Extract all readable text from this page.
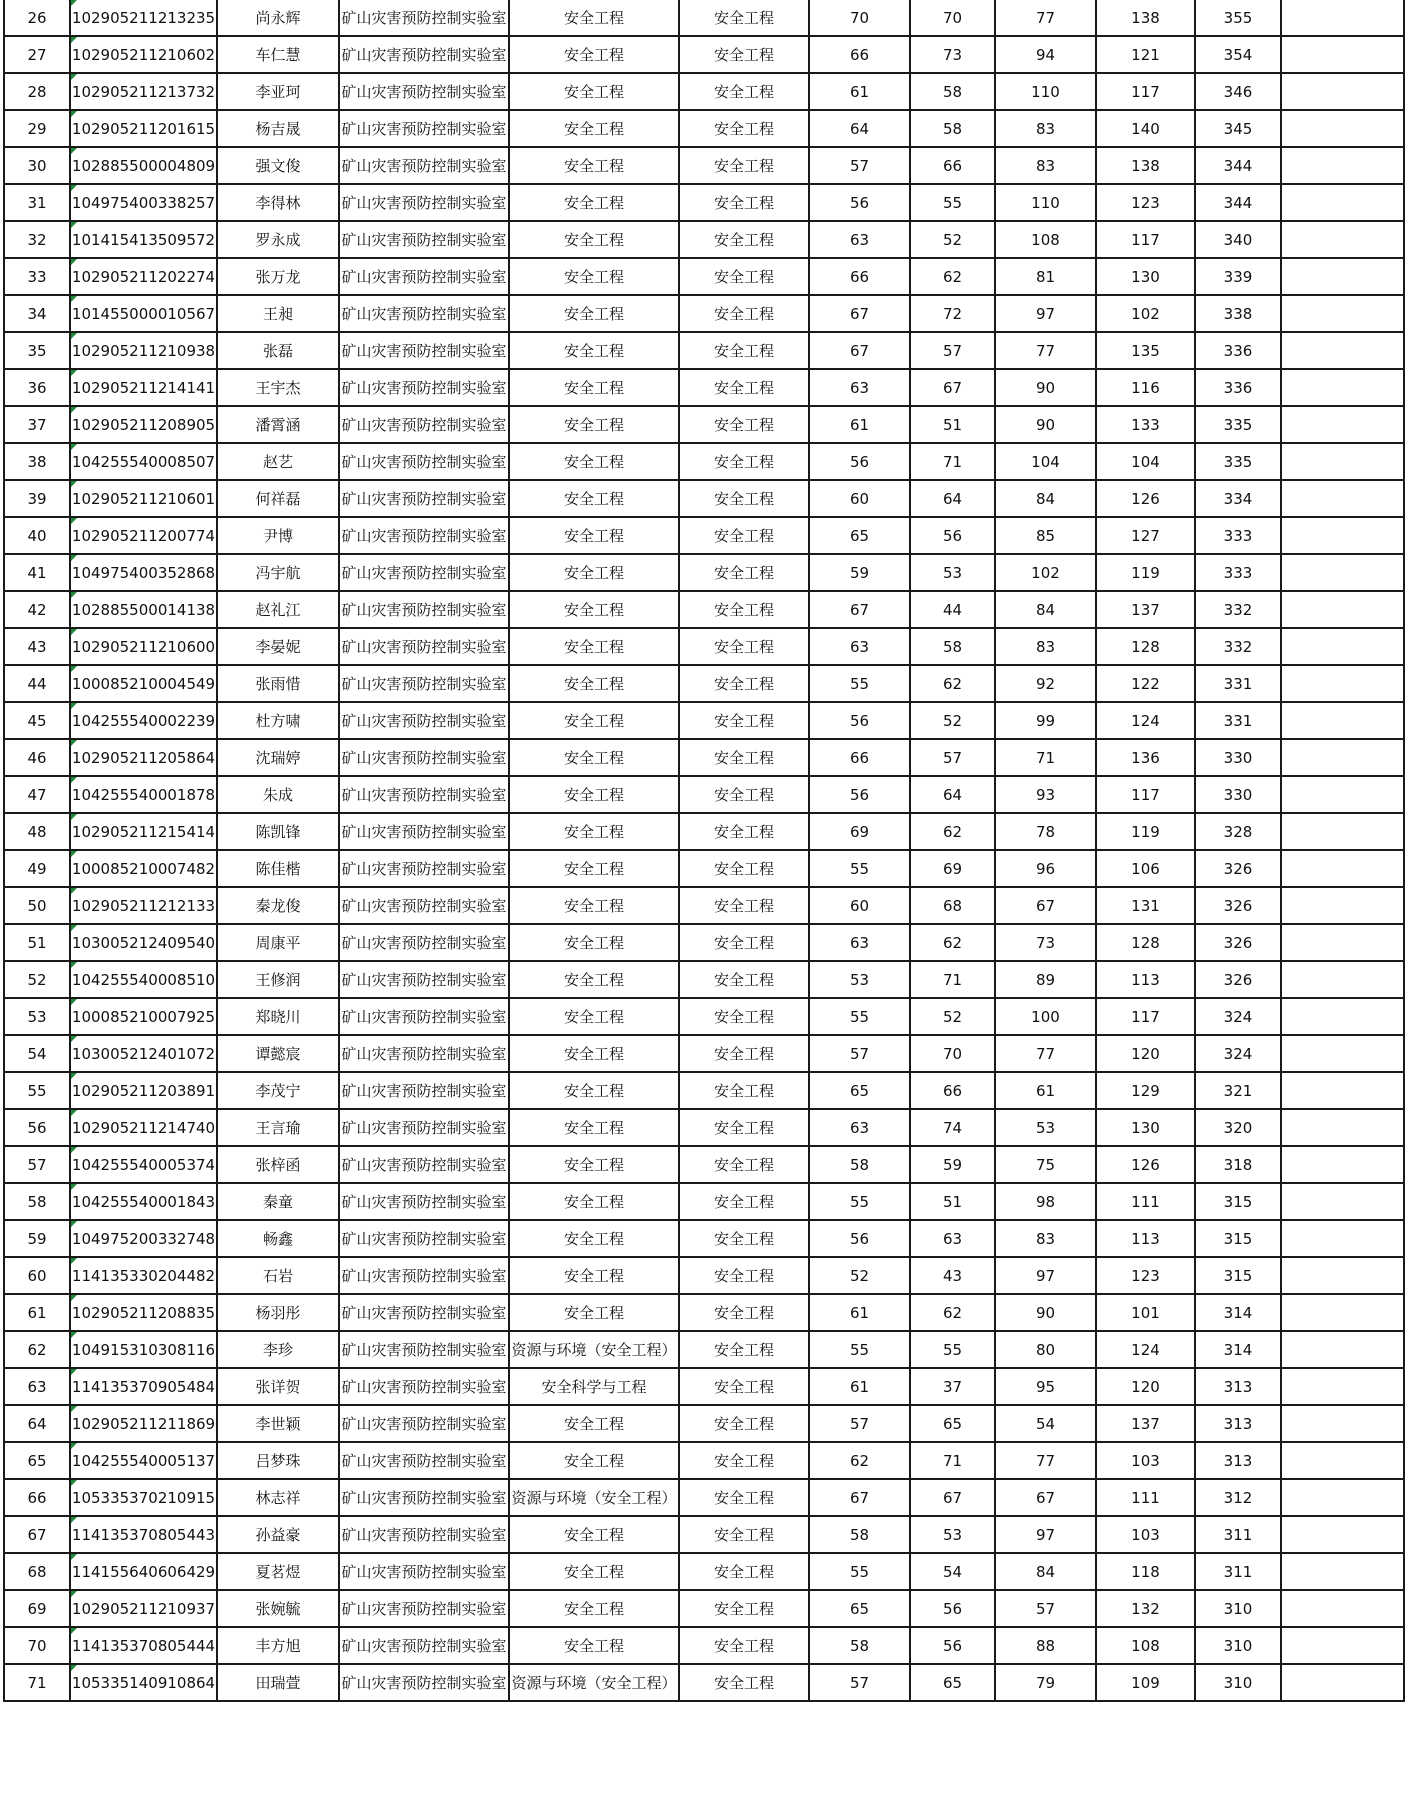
26	102905211213235	尚永辉	矿山灾害预防控制实验室	安全工程	安全工程	70	70	77	138	355	
27	102905211210602	车仁慧	矿山灾害预防控制实验室	安全工程	安全工程	66	73	94	121	354	
28	102905211213732	李亚珂	矿山灾害预防控制实验室	安全工程	安全工程	61	58	110	117	346	
29	102905211201615	杨吉晟	矿山灾害预防控制实验室	安全工程	安全工程	64	58	83	140	345	
30	102885500004809	强文俊	矿山灾害预防控制实验室	安全工程	安全工程	57	66	83	138	344	
31	104975400338257	李得林	矿山灾害预防控制实验室	安全工程	安全工程	56	55	110	123	344	
32	101415413509572	罗永成	矿山灾害预防控制实验室	安全工程	安全工程	63	52	108	117	340	
33	102905211202274	张万龙	矿山灾害预防控制实验室	安全工程	安全工程	66	62	81	130	339	
34	101455000010567	王昶	矿山灾害预防控制实验室	安全工程	安全工程	67	72	97	102	338	
35	102905211210938	张磊	矿山灾害预防控制实验室	安全工程	安全工程	67	57	77	135	336	
36	102905211214141	王宇杰	矿山灾害预防控制实验室	安全工程	安全工程	63	67	90	116	336	
37	102905211208905	潘霄涵	矿山灾害预防控制实验室	安全工程	安全工程	61	51	90	133	335	
38	104255540008507	赵艺	矿山灾害预防控制实验室	安全工程	安全工程	56	71	104	104	335	
39	102905211210601	何祥磊	矿山灾害预防控制实验室	安全工程	安全工程	60	64	84	126	334	
40	102905211200774	尹博	矿山灾害预防控制实验室	安全工程	安全工程	65	56	85	127	333	
41	104975400352868	冯宇航	矿山灾害预防控制实验室	安全工程	安全工程	59	53	102	119	333	
42	102885500014138	赵礼江	矿山灾害预防控制实验室	安全工程	安全工程	67	44	84	137	332	
43	102905211210600	李晏妮	矿山灾害预防控制实验室	安全工程	安全工程	63	58	83	128	332	
44	100085210004549	张雨惜	矿山灾害预防控制实验室	安全工程	安全工程	55	62	92	122	331	
45	104255540002239	杜方啸	矿山灾害预防控制实验室	安全工程	安全工程	56	52	99	124	331	
46	102905211205864	沈瑞婷	矿山灾害预防控制实验室	安全工程	安全工程	66	57	71	136	330	
47	104255540001878	朱成	矿山灾害预防控制实验室	安全工程	安全工程	56	64	93	117	330	
48	102905211215414	陈凯锋	矿山灾害预防控制实验室	安全工程	安全工程	69	62	78	119	328	
49	100085210007482	陈佳楷	矿山灾害预防控制实验室	安全工程	安全工程	55	69	96	106	326	
50	102905211212133	秦龙俊	矿山灾害预防控制实验室	安全工程	安全工程	60	68	67	131	326	
51	103005212409540	周康平	矿山灾害预防控制实验室	安全工程	安全工程	63	62	73	128	326	
52	104255540008510	王修润	矿山灾害预防控制实验室	安全工程	安全工程	53	71	89	113	326	
53	100085210007925	郑晓川	矿山灾害预防控制实验室	安全工程	安全工程	55	52	100	117	324	
54	103005212401072	谭懿宸	矿山灾害预防控制实验室	安全工程	安全工程	57	70	77	120	324	
55	102905211203891	李茂宁	矿山灾害预防控制实验室	安全工程	安全工程	65	66	61	129	321	
56	102905211214740	王言瑜	矿山灾害预防控制实验室	安全工程	安全工程	63	74	53	130	320	
57	104255540005374	张梓函	矿山灾害预防控制实验室	安全工程	安全工程	58	59	75	126	318	
58	104255540001843	秦童	矿山灾害预防控制实验室	安全工程	安全工程	55	51	98	111	315	
59	104975200332748	畅鑫	矿山灾害预防控制实验室	安全工程	安全工程	56	63	83	113	315	
60	114135330204482	石岩	矿山灾害预防控制实验室	安全工程	安全工程	52	43	97	123	315	
61	102905211208835	杨羽彤	矿山灾害预防控制实验室	安全工程	安全工程	61	62	90	101	314	
62	104915310308116	李珍	矿山灾害预防控制实验室	资源与环境（安全工程）	安全工程	55	55	80	124	314	
63	114135370905484	张详贺	矿山灾害预防控制实验室	安全科学与工程	安全工程	61	37	95	120	313	
64	102905211211869	李世颖	矿山灾害预防控制实验室	安全工程	安全工程	57	65	54	137	313	
65	104255540005137	吕梦珠	矿山灾害预防控制实验室	安全工程	安全工程	62	71	77	103	313	
66	105335370210915	林志祥	矿山灾害预防控制实验室	资源与环境（安全工程）	安全工程	67	67	67	111	312	
67	114135370805443	孙益豪	矿山灾害预防控制实验室	安全工程	安全工程	58	53	97	103	311	
68	114155640606429	夏茗煜	矿山灾害预防控制实验室	安全工程	安全工程	55	54	84	118	311	
69	102905211210937	张婉毓	矿山灾害预防控制实验室	安全工程	安全工程	65	56	57	132	310	
70	114135370805444	丰方旭	矿山灾害预防控制实验室	安全工程	安全工程	58	56	88	108	310	
71	105335140910864	田瑞萱	矿山灾害预防控制实验室	资源与环境（安全工程）	安全工程	57	65	79	109	310	
